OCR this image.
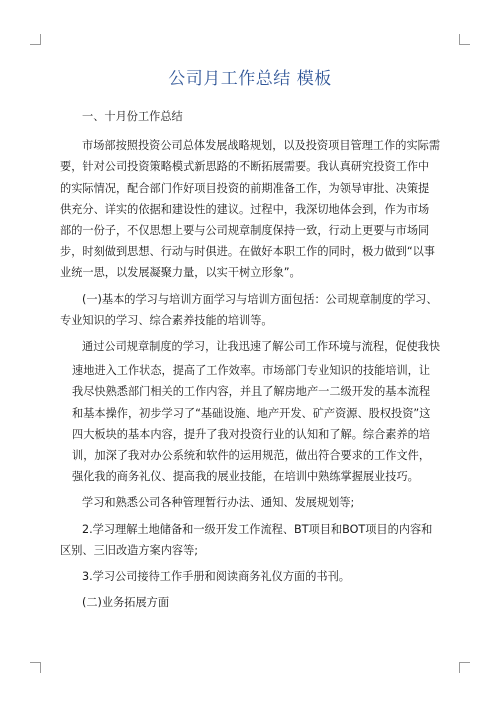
公司月工作总结 模板

一、十月份工作总结

市场部按照投资公司总体发展战略规划，以及投资项目管理工作的实际需要，针对公司投资策略模式新思路的不断拓展需要。我认真研究投资工作中的实际情况，配合部门作好项目投资的前期准备工作，为领导审批、决策提供充分、详实的依据和建设性的建议。过程中，我深切地体会到，作为市场部的一份子，不仅思想上要与公司规章制度保持一致，行动上更要与市场同步，时刻做到思想、行动与时俱进。在做好本职工作的同时，极力做到“以事业统一思，以发展凝聚力量，以实干树立形象”。

(一)基本的学习与培训方面学习与培训方面包括：公司规章制度的学习、专业知识的学习、综合素养技能的培训等。

通过公司规章制度的学习，让我迅速了解公司工作环境与流程，促使我快

速地进入工作状态，提高了工作效率。市场部门专业知识的技能培训，让我尽快熟悉部门相关的工作内容，并且了解房地产一二级开发的基本流程和基本操作，初步学习了“基础设施、地产开发、矿产资源、股权投资”这四大板块的基本内容，提升了我对投资行业的认知和了解。综合素养的培训，加深了我对办公系统和软件的运用规范，做出符合要求的工作文件，强化我的商务礼仪、提高我的展业技能，在培训中熟练掌握展业技巧。

学习和熟悉公司各种管理暂行办法、通知、发展规划等;

2.学习理解土地储备和一级开发工作流程、BT项目和BOT项目的内容和区别、三旧改造方案内容等;

3.学习公司接待工作手册和阅读商务礼仪方面的书刊。

(二)业务拓展方面
